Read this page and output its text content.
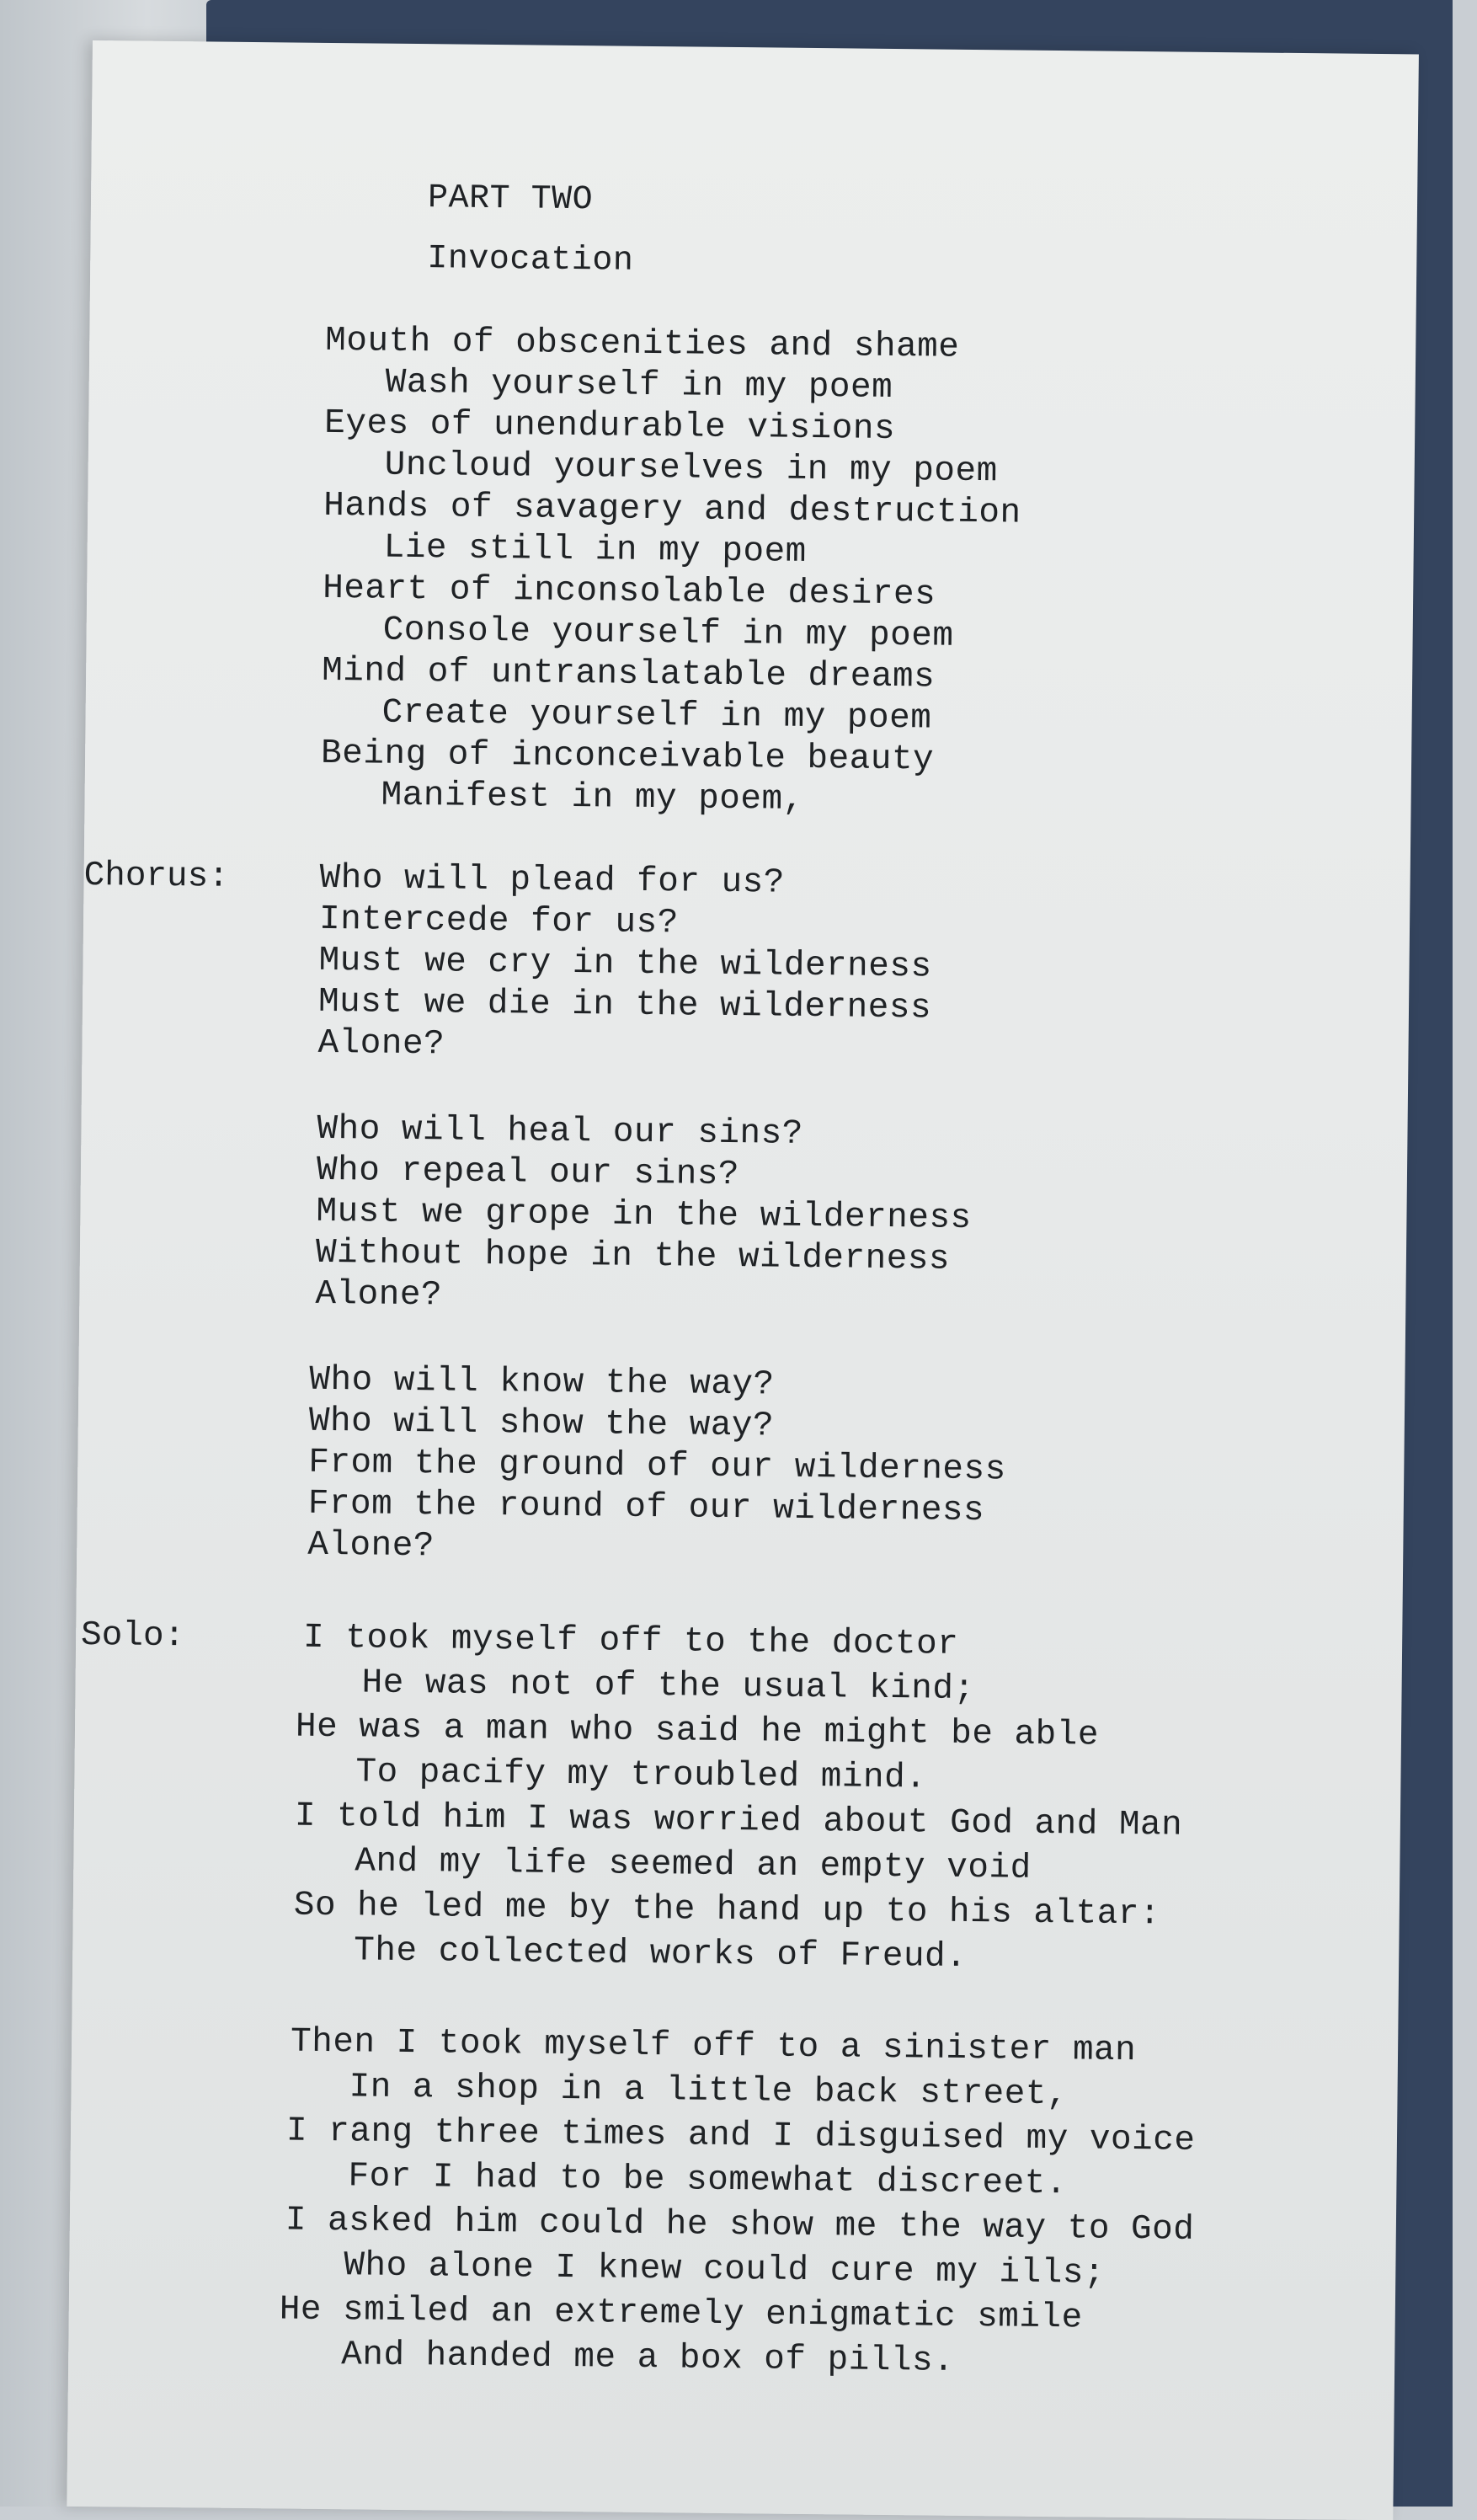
PART TWO
Invocation
Mouth of obscenities and shame
Wash yourself in my poem
Eyes of unendurable visions
Uncloud yourselves in my poem
Hands of savagery and destruction
Lie still in my poem
Heart of inconsolable desires
Console yourself in my poem
Mind of untranslatable dreams
Create yourself in my poem
Being of inconceivable beauty
Manifest in my poem,
Chorus:	Who will plead for us?
Intercede for us?
Must we cry in the wilderness
Must we die in the wilderness
Alone?
Who will heal our sins?
Who repeal our sins?
Must we grope in the wilderness
Without hope in the wilderness
Alone?
Who will know the way?
Who will show the way?
From the ground of our wilderness
From the round of our wilderness
Alone?
Solo:	I took myself off to the doctor
He was not of the usual kind;
He was a man who said he might be able
To pacify my troubled mind.
I told him I was worried about God and Man
And my life seemed an empty void
So he led me by the hand up to his altar:
The collected works of Freud.
Then I took myself off to a sinister man
In a shop in a little back street,
I rang three times and I disguised my voice
For I had to be somewhat discreet.
I asked him could he show me the way to God
Who alone I knew could cure my ills;
He smiled an extremely enigmatic smile
And handed me a box of pills.
